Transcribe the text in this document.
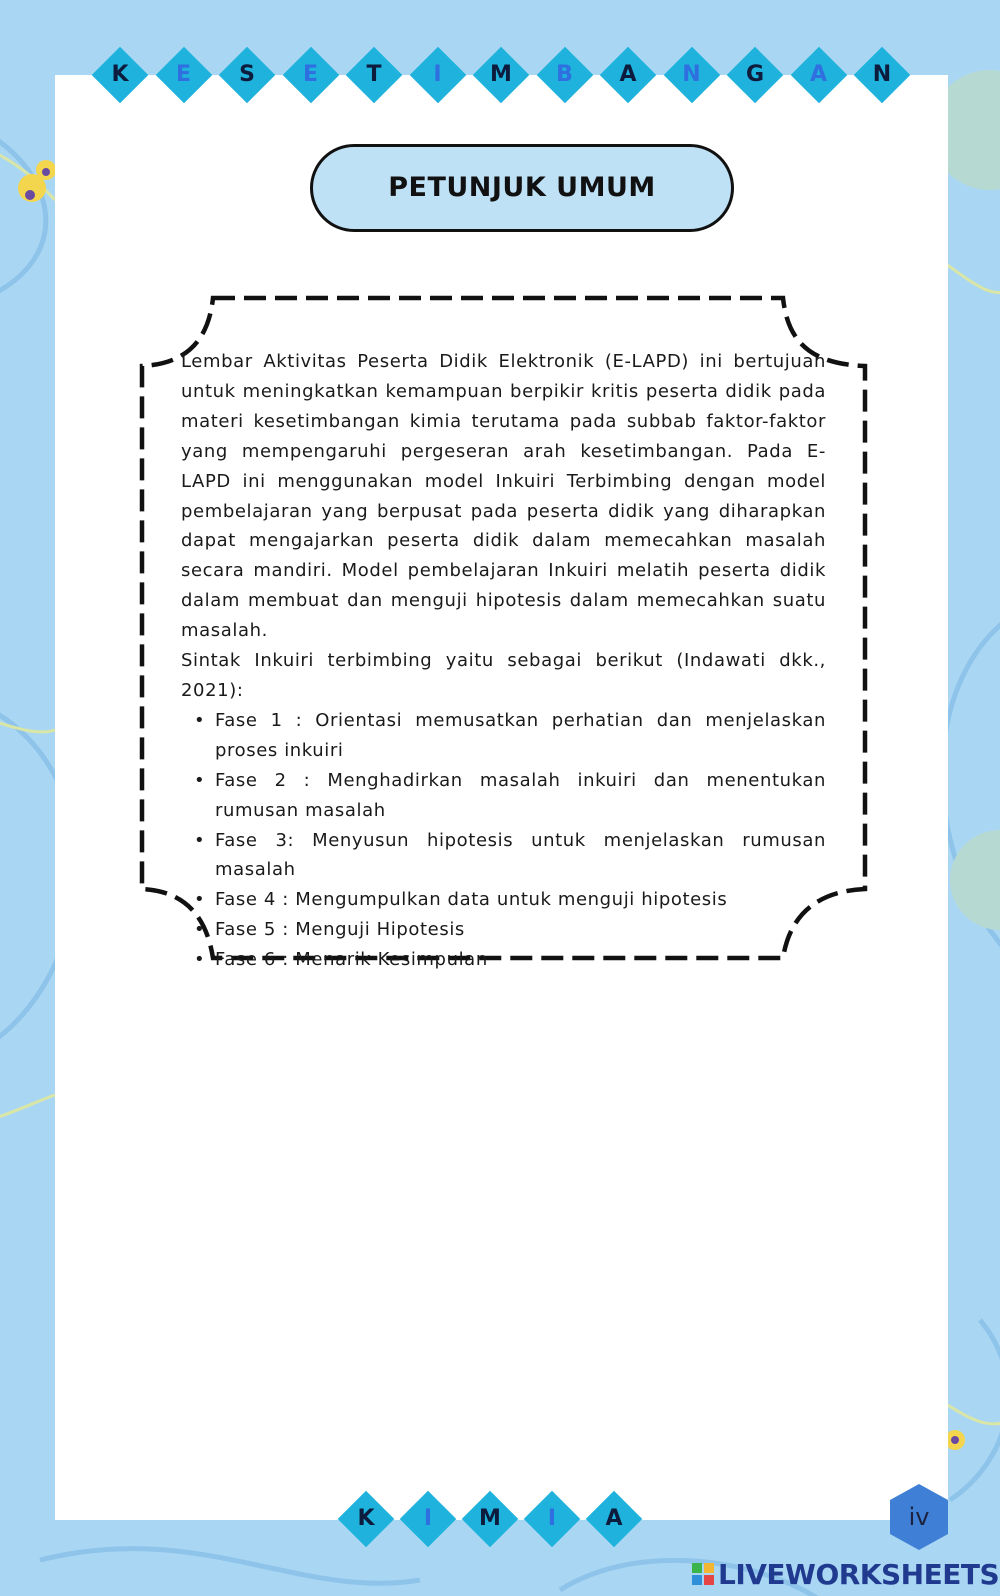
K	E	S	E	T	I	M	B	A	N	G	A	N
PETUNJUK UMUM

Lembar Aktivitas Peserta Didik Elektronik (E-LAPD) ini bertujuan untuk meningkatkan kemampuan berpikir kritis peserta didik pada materi kesetimbangan kimia terutama pada subbab faktor-faktor yang mempengaruhi pergeseran arah kesetimbangan. Pada E-LAPD ini menggunakan model Inkuiri Terbimbing dengan model pembelajaran yang berpusat pada peserta didik yang diharapkan dapat mengajarkan peserta didik dalam memecahkan masalah secara mandiri. Model pembelajaran Inkuiri melatih peserta didik dalam membuat dan menguji hipotesis dalam memecahkan suatu masalah.

Sintak Inkuiri terbimbing yaitu sebagai berikut (Indawati dkk., 2021):

• Fase 1 : Orientasi memusatkan perhatian dan menjelaskan proses inkuiri
• Fase 2 : Menghadirkan masalah inkuiri dan menentukan rumusan masalah
• Fase 3: Menyusun hipotesis untuk menjelaskan rumusan masalah
• Fase 4 : Mengumpulkan data untuk menguji hipotesis
• Fase 5 : Menguji Hipotesis
• Fase 6 : Menarik Kesimpulan
K	I	M	I	A	iv
LIVEWORKSHEETS
